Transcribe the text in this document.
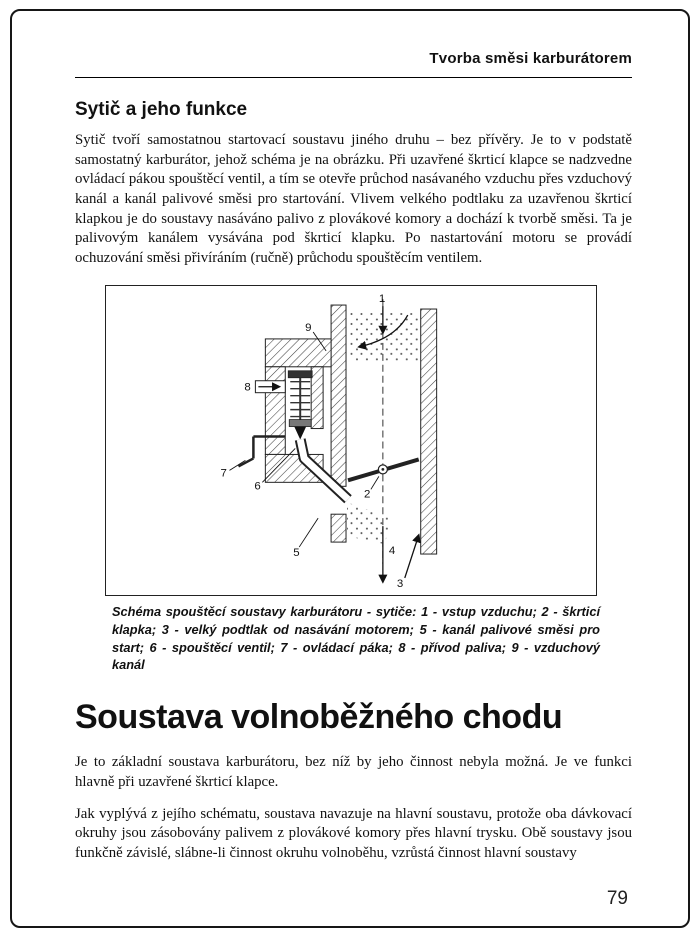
Tvorba směsi karburátorem
Sytič a jeho funkce

Sytič tvoří samostatnou startovací soustavu jiného druhu – bez přívěry. Je to v podstatě samostatný karburátor, jehož schéma je na obrázku. Při uzavřené škrticí klapce se nadzvedne ovládací pákou spouštěcí ventil, a tím se otevře průchod nasávaného vzduchu přes vzduchový kanál a kanál palivové směsi pro startování. Vlivem velkého podtlaku za uzavřenou škrticí klapkou je do soustavy nasáváno palivo z plovákové komory a dochází k tvorbě směsi. Ta je palivovým kanálem vysávána pod škrticí klapku. Po nastartování motoru se provádí ochuzování směsi přivíráním (ručně) průchodu spouštěcím ventilem.

1
2
3
4
5
6
7
8
9
Schéma spouštěcí soustavy karburátoru - sytiče: 1 - vstup vzduchu; 2 - škrticí klapka; 3 - velký podtlak od nasávání motorem; 5 - kanál palivové směsi pro start; 6 - spouštěcí ventil; 7 - ovládací páka; 8 - přívod paliva; 9 - vzduchový kanál
Soustava volnoběžného chodu

Je to základní soustava karburátoru, bez níž by jeho činnost nebyla možná. Je ve funkci hlavně při uzavřené škrticí klapce.

Jak vyplývá z jejího schématu, soustava navazuje na hlavní soustavu, protože oba dávkovací okruhy jsou zásobovány palivem z plovákové komory přes hlavní trysku. Obě soustavy jsou funkčně závislé, slábne-li činnost okruhu volnoběhu, vzrůstá činnost hlavní soustavy

79
